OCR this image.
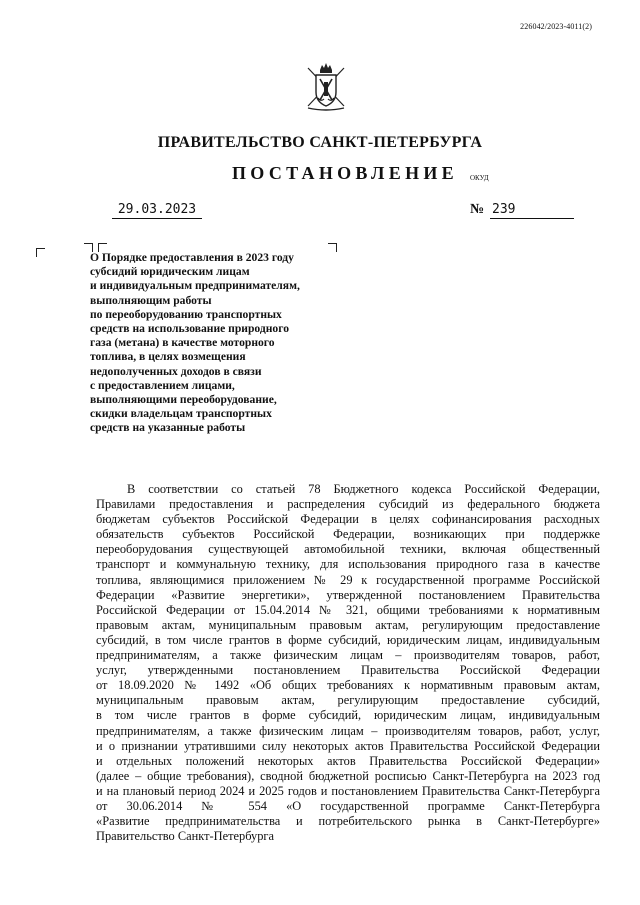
226042/2023-4011(2)
ПРАВИТЕЛЬСТВО САНКТ-ПЕТЕРБУРГА
ПОСТАНОВЛЕНИЕ ОКУД
29.03.2023	№ 239
О Порядке предоставления в 2023 году
субсидий юридическим лицам
и индивидуальным предпринимателям,
выполняющим работы
по переоборудованию транспортных
средств на использование природного
газа (метана) в качестве моторного
топлива, в целях возмещения
недополученных доходов в связи
с предоставлением лицами,
выполняющими переоборудование,
скидки владельцам транспортных
средств на указанные работы
В соответствии со статьей 78 Бюджетного кодекса Российской Федерации,
Правилами предоставления и распределения субсидий из федерального бюджета
бюджетам субъектов Российской Федерации в целях софинансирования расходных
обязательств субъектов Российской Федерации, возникающих при поддержке
переоборудования существующей автомобильной техники, включая общественный
транспорт и коммунальную технику, для использования природного газа в качестве
топлива, являющимися приложением № 29 к государственной программе Российской
Федерации «Развитие энергетики», утвержденной постановлением Правительства
Российской Федерации от 15.04.2014 № 321, общими требованиями к нормативным
правовым актам, муниципальным правовым актам, регулирующим предоставление
субсидий, в том числе грантов в форме субсидий, юридическим лицам, индивидуальным
предпринимателям, а также физическим лицам – производителям товаров, работ,
услуг, утвержденными постановлением Правительства Российской Федерации
от 18.09.2020 № 1492 «Об общих требованиях к нормативным правовым актам,
муниципальным правовым актам, регулирующим предоставление субсидий,
в том числе грантов в форме субсидий, юридическим лицам, индивидуальным
предпринимателям, а также физическим лицам – производителям товаров, работ, услуг,
и о признании утратившими силу некоторых актов Правительства Российской Федерации
и отдельных положений некоторых актов Правительства Российской Федерации»
(далее – общие требования), сводной бюджетной росписью Санкт-Петербурга на 2023 год
и на плановый период 2024 и 2025 годов и постановлением Правительства Санкт-Петербурга
от 30.06.2014 № 554 «О государственной программе Санкт-Петербурга
«Развитие предпринимательства и потребительского рынка в Санкт-Петербурге»
Правительство Санкт-Петербурга
